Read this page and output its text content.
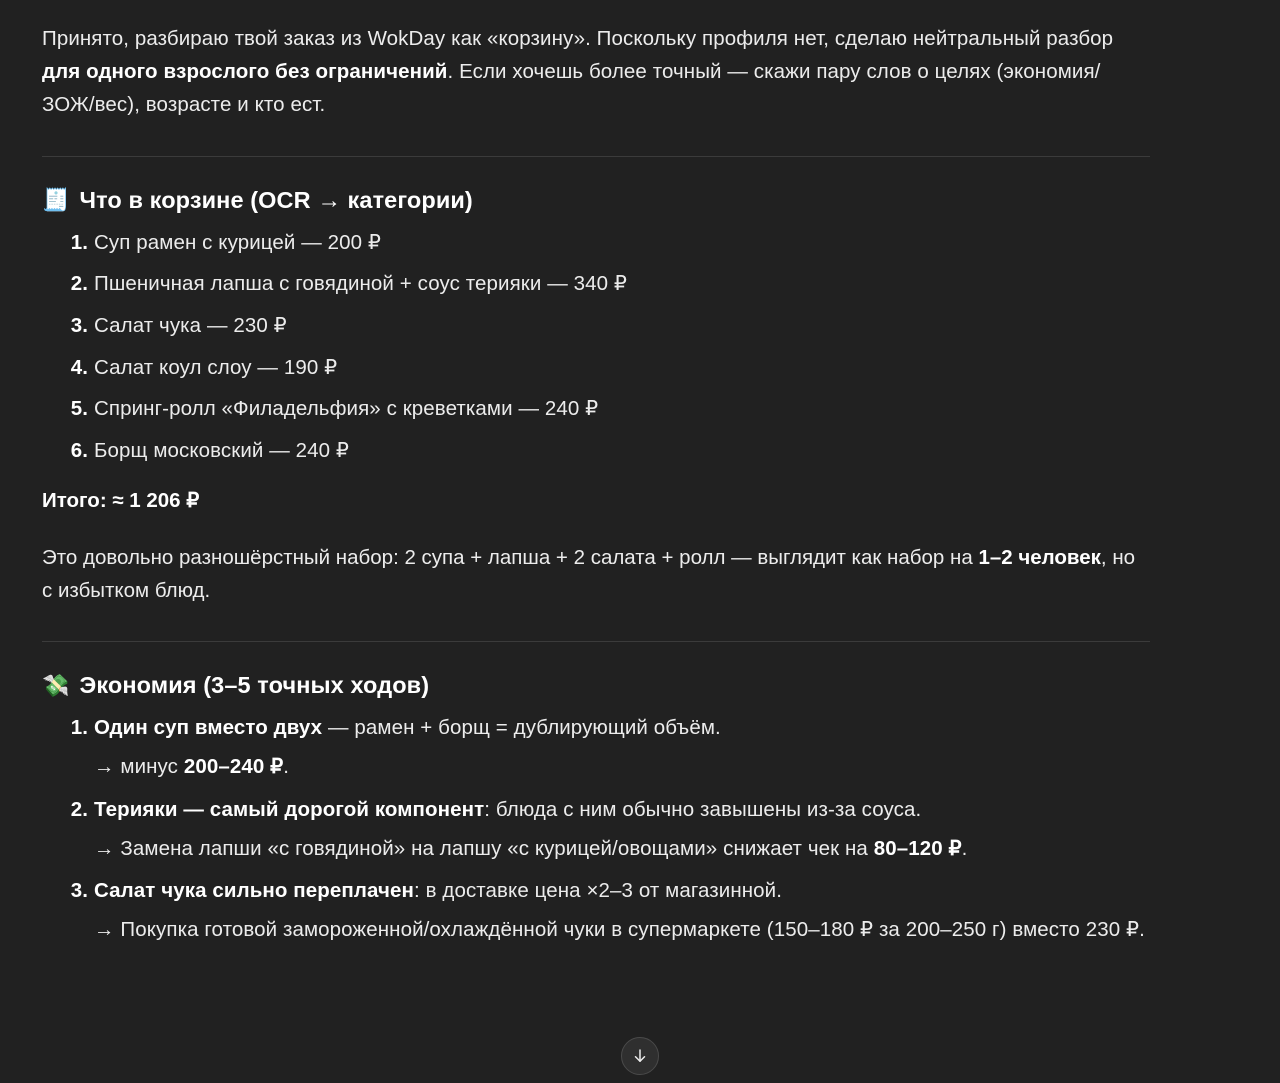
Принято, разбираю твой заказ из WokDay как «корзину». Поскольку профиля нет, сделаю нейтральный разбор для одного взрослого без ограничений. Если хочешь более точный — скажи пару слов о целях (экономия/ЗОЖ/вес), возрасте и кто ест.

🧾 Что в корзине (OCR → категории)
Суп рамен с курицей — 200 ₽
Пшеничная лапша с говядиной + соус терияки — 340 ₽
Салат чука — 230 ₽
Салат коул слоу — 190 ₽
Спринг-ролл «Филадельфия» с креветками — 240 ₽
Борщ московский — 240 ₽
Итого: ≈ 1 206 ₽

Это довольно разношёрстный набор: 2 супа + лапша + 2 салата + ролл — выглядит как набор на 1–2 человек, но с избытком блюд.

💸 Экономия (3–5 точных ходов)
Один суп вместо двух — рамен + борщ = дублирующий объём.
→ минус 200–240 ₽.
Терияки — самый дорогой компонент: блюда с ним обычно завышены из-за соуса.
→ Замена лапши «с говядиной» на лапшу «с курицей/овощами» снижает чек на 80–120 ₽.
Салат чука сильно переплачен: в доставке цена ×2–3 от магазинной.
→ Покупка готовой замороженной/охлаждённой чуки в супермаркете (150–180 ₽ за 200–250 г) вместо 230 ₽.
